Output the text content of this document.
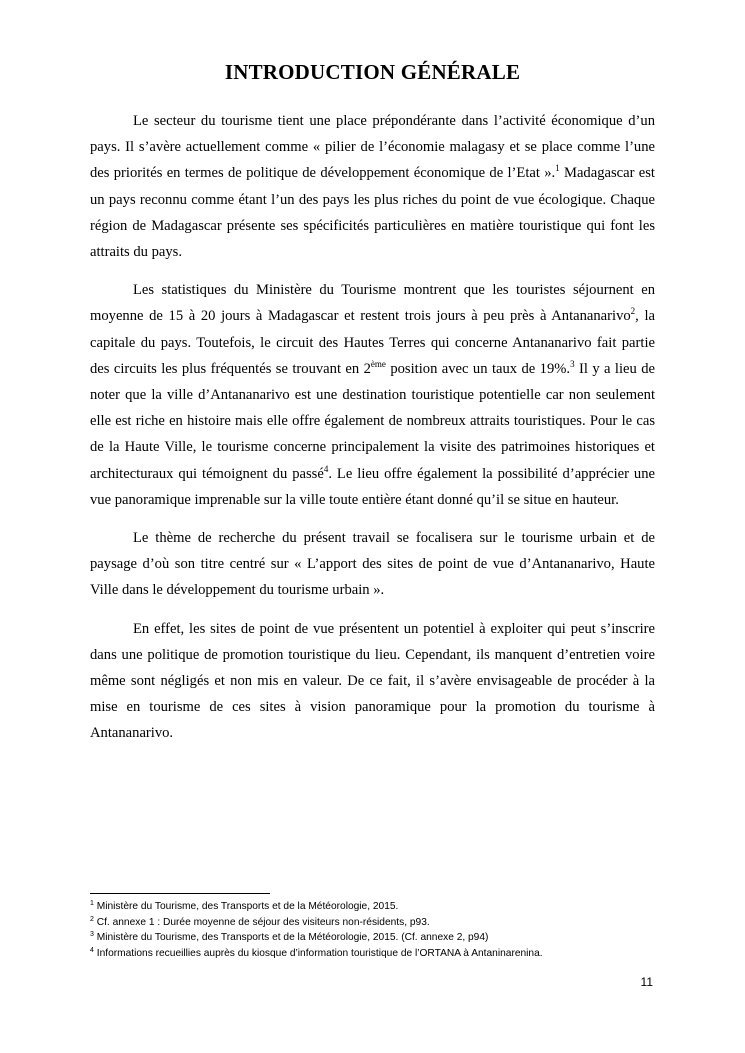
INTRODUCTION GÉNÉRALE

Le secteur du tourisme tient une place prépondérante dans l’activité économique d’un pays. Il s’avère actuellement comme « pilier de l’économie malagasy et se place comme l’une des priorités en termes de politique de développement économique de l’Etat ».$^1$ Madagascar est un pays reconnu comme étant l’un des pays les plus riches du point de vue écologique. Chaque région de Madagascar présente ses spécificités particulières en matière touristique qui font les attraits du pays.

Les statistiques du Ministère du Tourisme montrent que les touristes séjournent en moyenne de 15 à 20 jours à Madagascar et restent trois jours à peu près à Antananarivo$^2$, la capitale du pays. Toutefois, le circuit des Hautes Terres qui concerne Antananarivo fait partie des circuits les plus fréquentés se trouvant en 2ème position avec un taux de 19%.$^3$ Il y a lieu de noter que la ville d’Antananarivo est une destination touristique potentielle car non seulement elle est riche en histoire mais elle offre également de nombreux attraits touristiques. Pour le cas de la Haute Ville, le tourisme concerne principalement la visite des patrimoines historiques et architecturaux qui témoignent du passé$^4$. Le lieu offre également la possibilité d’apprécier une vue panoramique imprenable sur la ville toute entière étant donné qu’il se situe en hauteur.

Le thème de recherche du présent travail se focalisera sur le tourisme urbain et de paysage d’où son titre centré sur « L’apport des sites de point de vue d’Antananarivo, Haute Ville dans le développement du tourisme urbain ».

En effet, les sites de point de vue présentent un potentiel à exploiter qui peut s’inscrire dans une politique de promotion touristique du lieu. Cependant, ils manquent d’entretien voire même sont négligés et non mis en valeur. De ce fait, il s’avère envisageable de procéder à la mise en tourisme de ces sites à vision panoramique pour la promotion du tourisme à Antananarivo.

$^1$ Ministère du Tourisme, des Transports et de la Météorologie, 2015.
$^2$ Cf. annexe 1 : Durée moyenne de séjour des visiteurs non-résidents, p93.
$^3$ Ministère du Tourisme, des Transports et de la Météorologie, 2015. (Cf. annexe 2, p94)
$^4$ Informations recueillies auprès du kiosque d’information touristique de l’ORTANA à Antaninarenina.
11
